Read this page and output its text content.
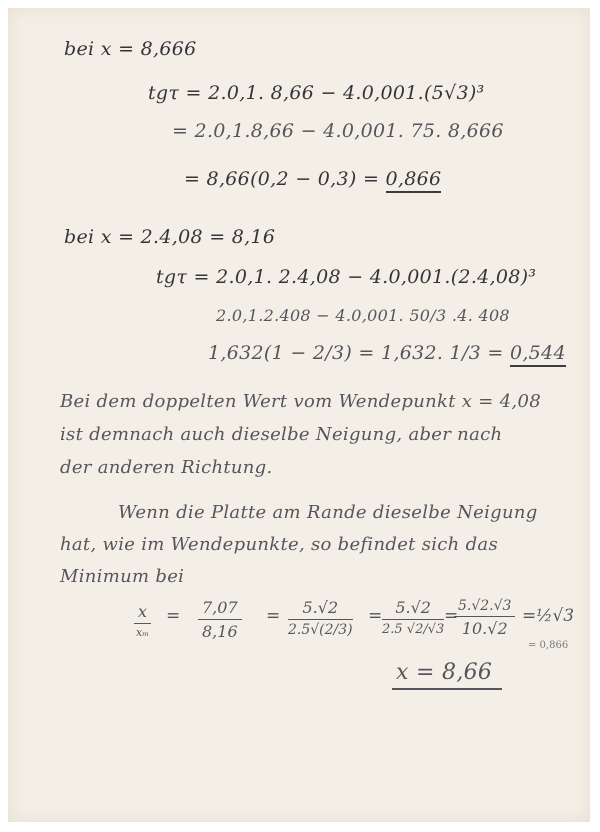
bei x = 8,666
tgτ = 2.0,1. 8,66 − 4.0,001.(5√3)³
= 2.0,1.8,66 − 4.0,001. 75. 8,666
= 8,66(0,2 − 0,3) = 0,866
bei x = 2.4,08 = 8,16
tgτ = 2.0,1. 2.4,08 − 4.0,001.(2.4,08)³
2.0,1.2.408 − 4.0,001. 50/3 .4. 408
1,632(1 − 2/3) = 1,632. 1/3 = 0,544
Bei dem doppelten Wert vom Wendepunkt x = 4,08
ist demnach auch dieselbe Neigung, aber nach
der anderen Richtung.
Wenn die Platte am Rande dieselbe Neigung
hat, wie im Wendepunkte, so befindet sich das
Minimum bei
x
xₘ
= $\frac{7,07}{8,16} = \frac{5.√2}{2.5√(2/3)} = 5.√2$
2.5 √2/√3
=
$\frac{5.√2.√3}{10.√2}$ = ½√3
= 0,866
x = 8,66
